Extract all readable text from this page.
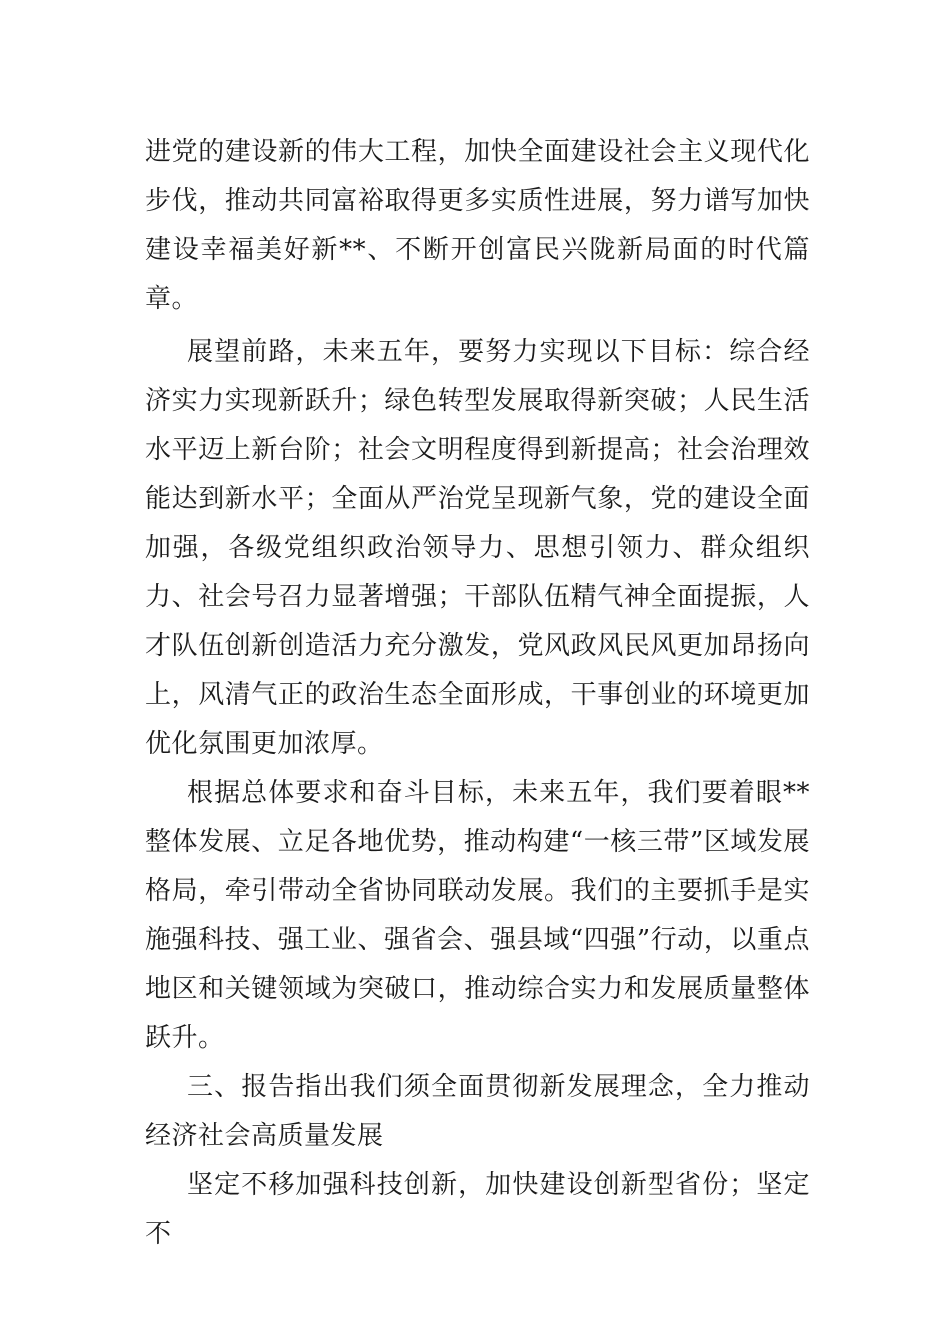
进党的建设新的伟大工程，加快全面建设社会主义现代化步伐，推动共同富裕取得更多实质性进展，努力谱写加快建设幸福美好新**、不断开创富民兴陇新局面的时代篇章。

展望前路，未来五年，要努力实现以下目标：综合经济实力实现新跃升；绿色转型发展取得新突破；人民生活水平迈上新台阶；社会文明程度得到新提高；社会治理效能达到新水平；全面从严治党呈现新气象，党的建设全面加强，各级党组织政治领导力、思想引领力、群众组织力、社会号召力显著增强；干部队伍精气神全面提振，人才队伍创新创造活力充分激发，党风政风民风更加昂扬向上，风清气正的政治生态全面形成，干事创业的环境更加优化氛围更加浓厚。

根据总体要求和奋斗目标，未来五年，我们要着眼**整体发展、立足各地优势，推动构建“一核三带”区域发展格局，牵引带动全省协同联动发展。我们的主要抓手是实施强科技、强工业、强省会、强县域“四强”行动，以重点地区和关键领域为突破口，推动综合实力和发展质量整体跃升。

三、报告指出我们须全面贯彻新发展理念，全力推动经济社会高质量发展

坚定不移加强科技创新，加快建设创新型省份；坚定不
